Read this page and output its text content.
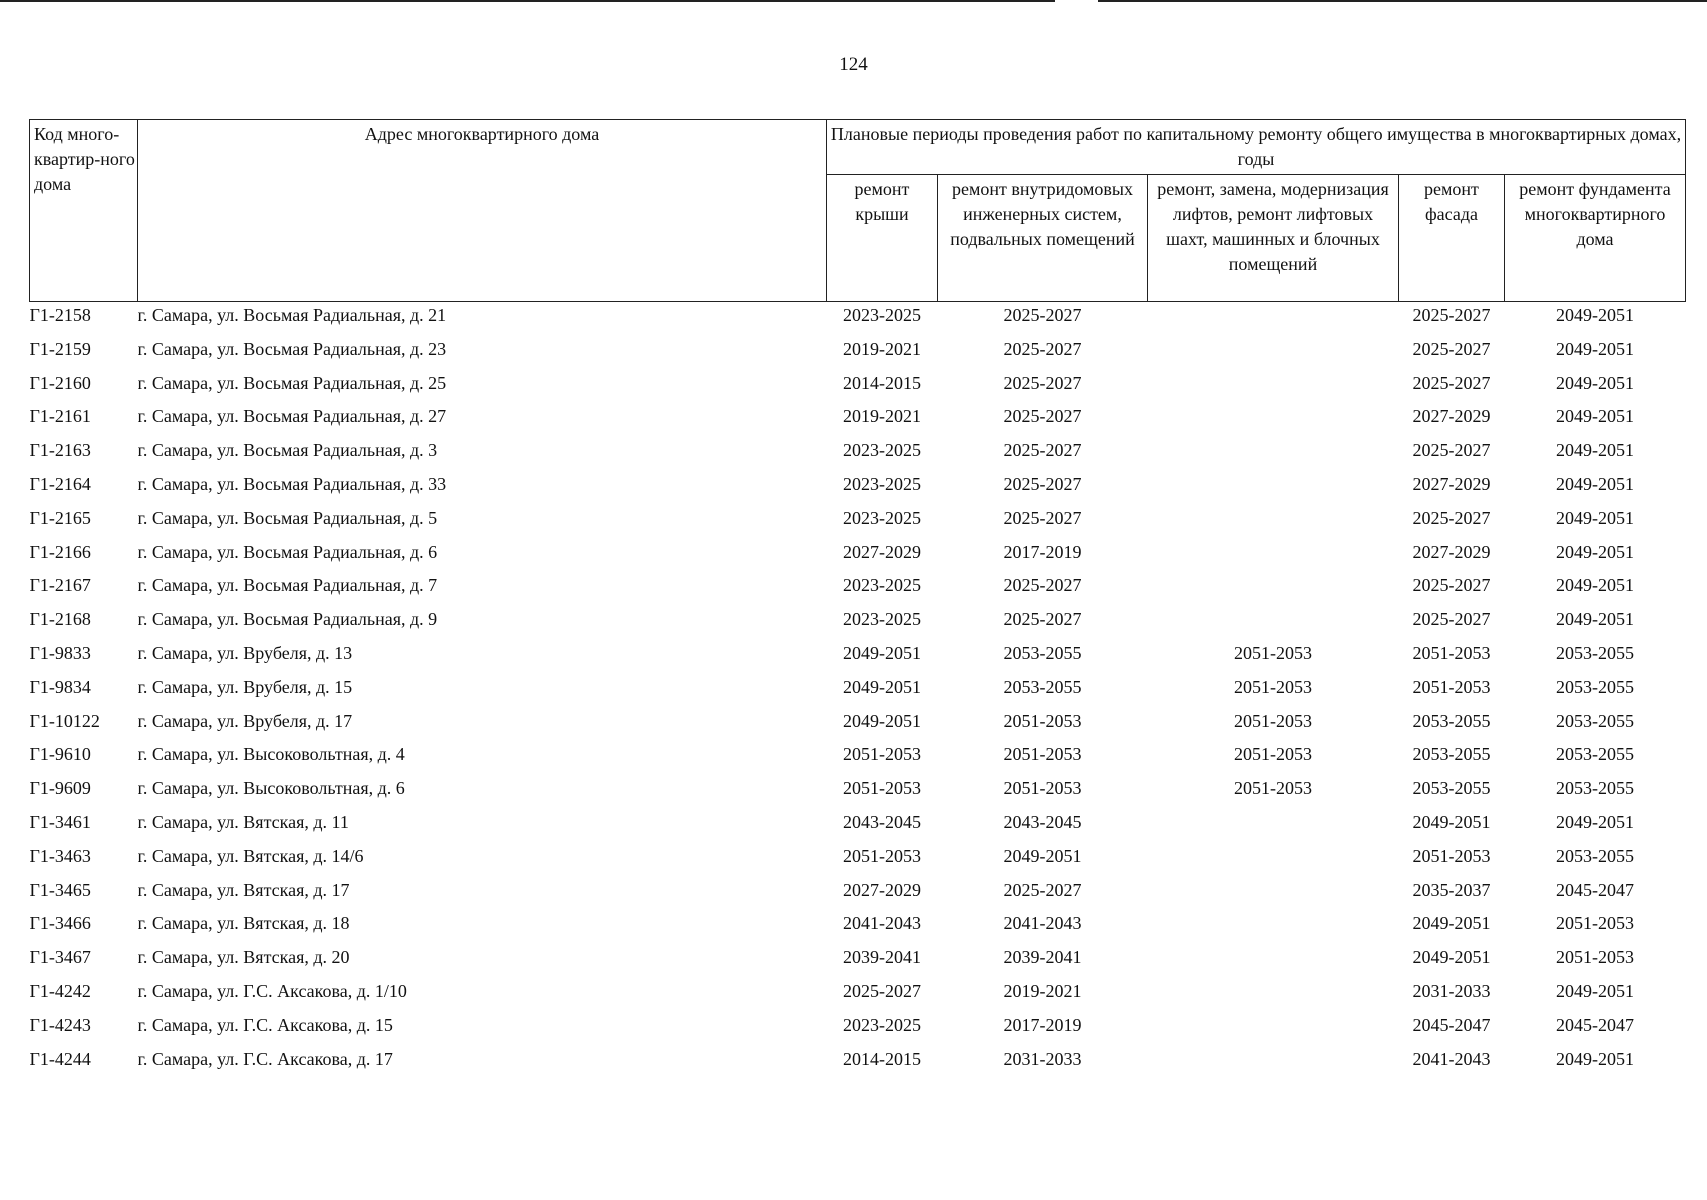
124
Код много-квартир-ного дома	Адрес многоквартирного дома	Плановые периоды проведения работ по капитальному ремонту общего имущества в многоквартирных домах, годы				
		ремонт крыши	ремонт внутридомовых инженерных систем, подвальных помещений	ремонт, замена, модернизация лифтов, ремонт лифтовых шахт, машинных и блочных помещений	ремонт фасада	ремонт фундамента многоквартирного дома
Г1-2158	г. Самара, ул. Восьмая Радиальная, д. 21	2023-2025	2025-2027		2025-2027	2049-2051
Г1-2159	г. Самара, ул. Восьмая Радиальная, д. 23	2019-2021	2025-2027		2025-2027	2049-2051
Г1-2160	г. Самара, ул. Восьмая Радиальная, д. 25	2014-2015	2025-2027		2025-2027	2049-2051
Г1-2161	г. Самара, ул. Восьмая Радиальная, д. 27	2019-2021	2025-2027		2027-2029	2049-2051
Г1-2163	г. Самара, ул. Восьмая Радиальная, д. 3	2023-2025	2025-2027		2025-2027	2049-2051
Г1-2164	г. Самара, ул. Восьмая Радиальная, д. 33	2023-2025	2025-2027		2027-2029	2049-2051
Г1-2165	г. Самара, ул. Восьмая Радиальная, д. 5	2023-2025	2025-2027		2025-2027	2049-2051
Г1-2166	г. Самара, ул. Восьмая Радиальная, д. 6	2027-2029	2017-2019		2027-2029	2049-2051
Г1-2167	г. Самара, ул. Восьмая Радиальная, д. 7	2023-2025	2025-2027		2025-2027	2049-2051
Г1-2168	г. Самара, ул. Восьмая Радиальная, д. 9	2023-2025	2025-2027		2025-2027	2049-2051
Г1-9833	г. Самара, ул. Врубеля, д. 13	2049-2051	2053-2055	2051-2053	2051-2053	2053-2055
Г1-9834	г. Самара, ул. Врубеля, д. 15	2049-2051	2053-2055	2051-2053	2051-2053	2053-2055
Г1-10122	г. Самара, ул. Врубеля, д. 17	2049-2051	2051-2053	2051-2053	2053-2055	2053-2055
Г1-9610	г. Самара, ул. Высоковольтная, д. 4	2051-2053	2051-2053	2051-2053	2053-2055	2053-2055
Г1-9609	г. Самара, ул. Высоковольтная, д. 6	2051-2053	2051-2053	2051-2053	2053-2055	2053-2055
Г1-3461	г. Самара, ул. Вятская, д. 11	2043-2045	2043-2045		2049-2051	2049-2051
Г1-3463	г. Самара, ул. Вятская, д. 14/6	2051-2053	2049-2051		2051-2053	2053-2055
Г1-3465	г. Самара, ул. Вятская, д. 17	2027-2029	2025-2027		2035-2037	2045-2047
Г1-3466	г. Самара, ул. Вятская, д. 18	2041-2043	2041-2043		2049-2051	2051-2053
Г1-3467	г. Самара, ул. Вятская, д. 20	2039-2041	2039-2041		2049-2051	2051-2053
Г1-4242	г. Самара, ул. Г.С. Аксакова, д. 1/10	2025-2027	2019-2021		2031-2033	2049-2051
Г1-4243	г. Самара, ул. Г.С. Аксакова, д. 15	2023-2025	2017-2019		2045-2047	2045-2047
Г1-4244	г. Самара, ул. Г.С. Аксакова, д. 17	2014-2015	2031-2033		2041-2043	2049-2051
